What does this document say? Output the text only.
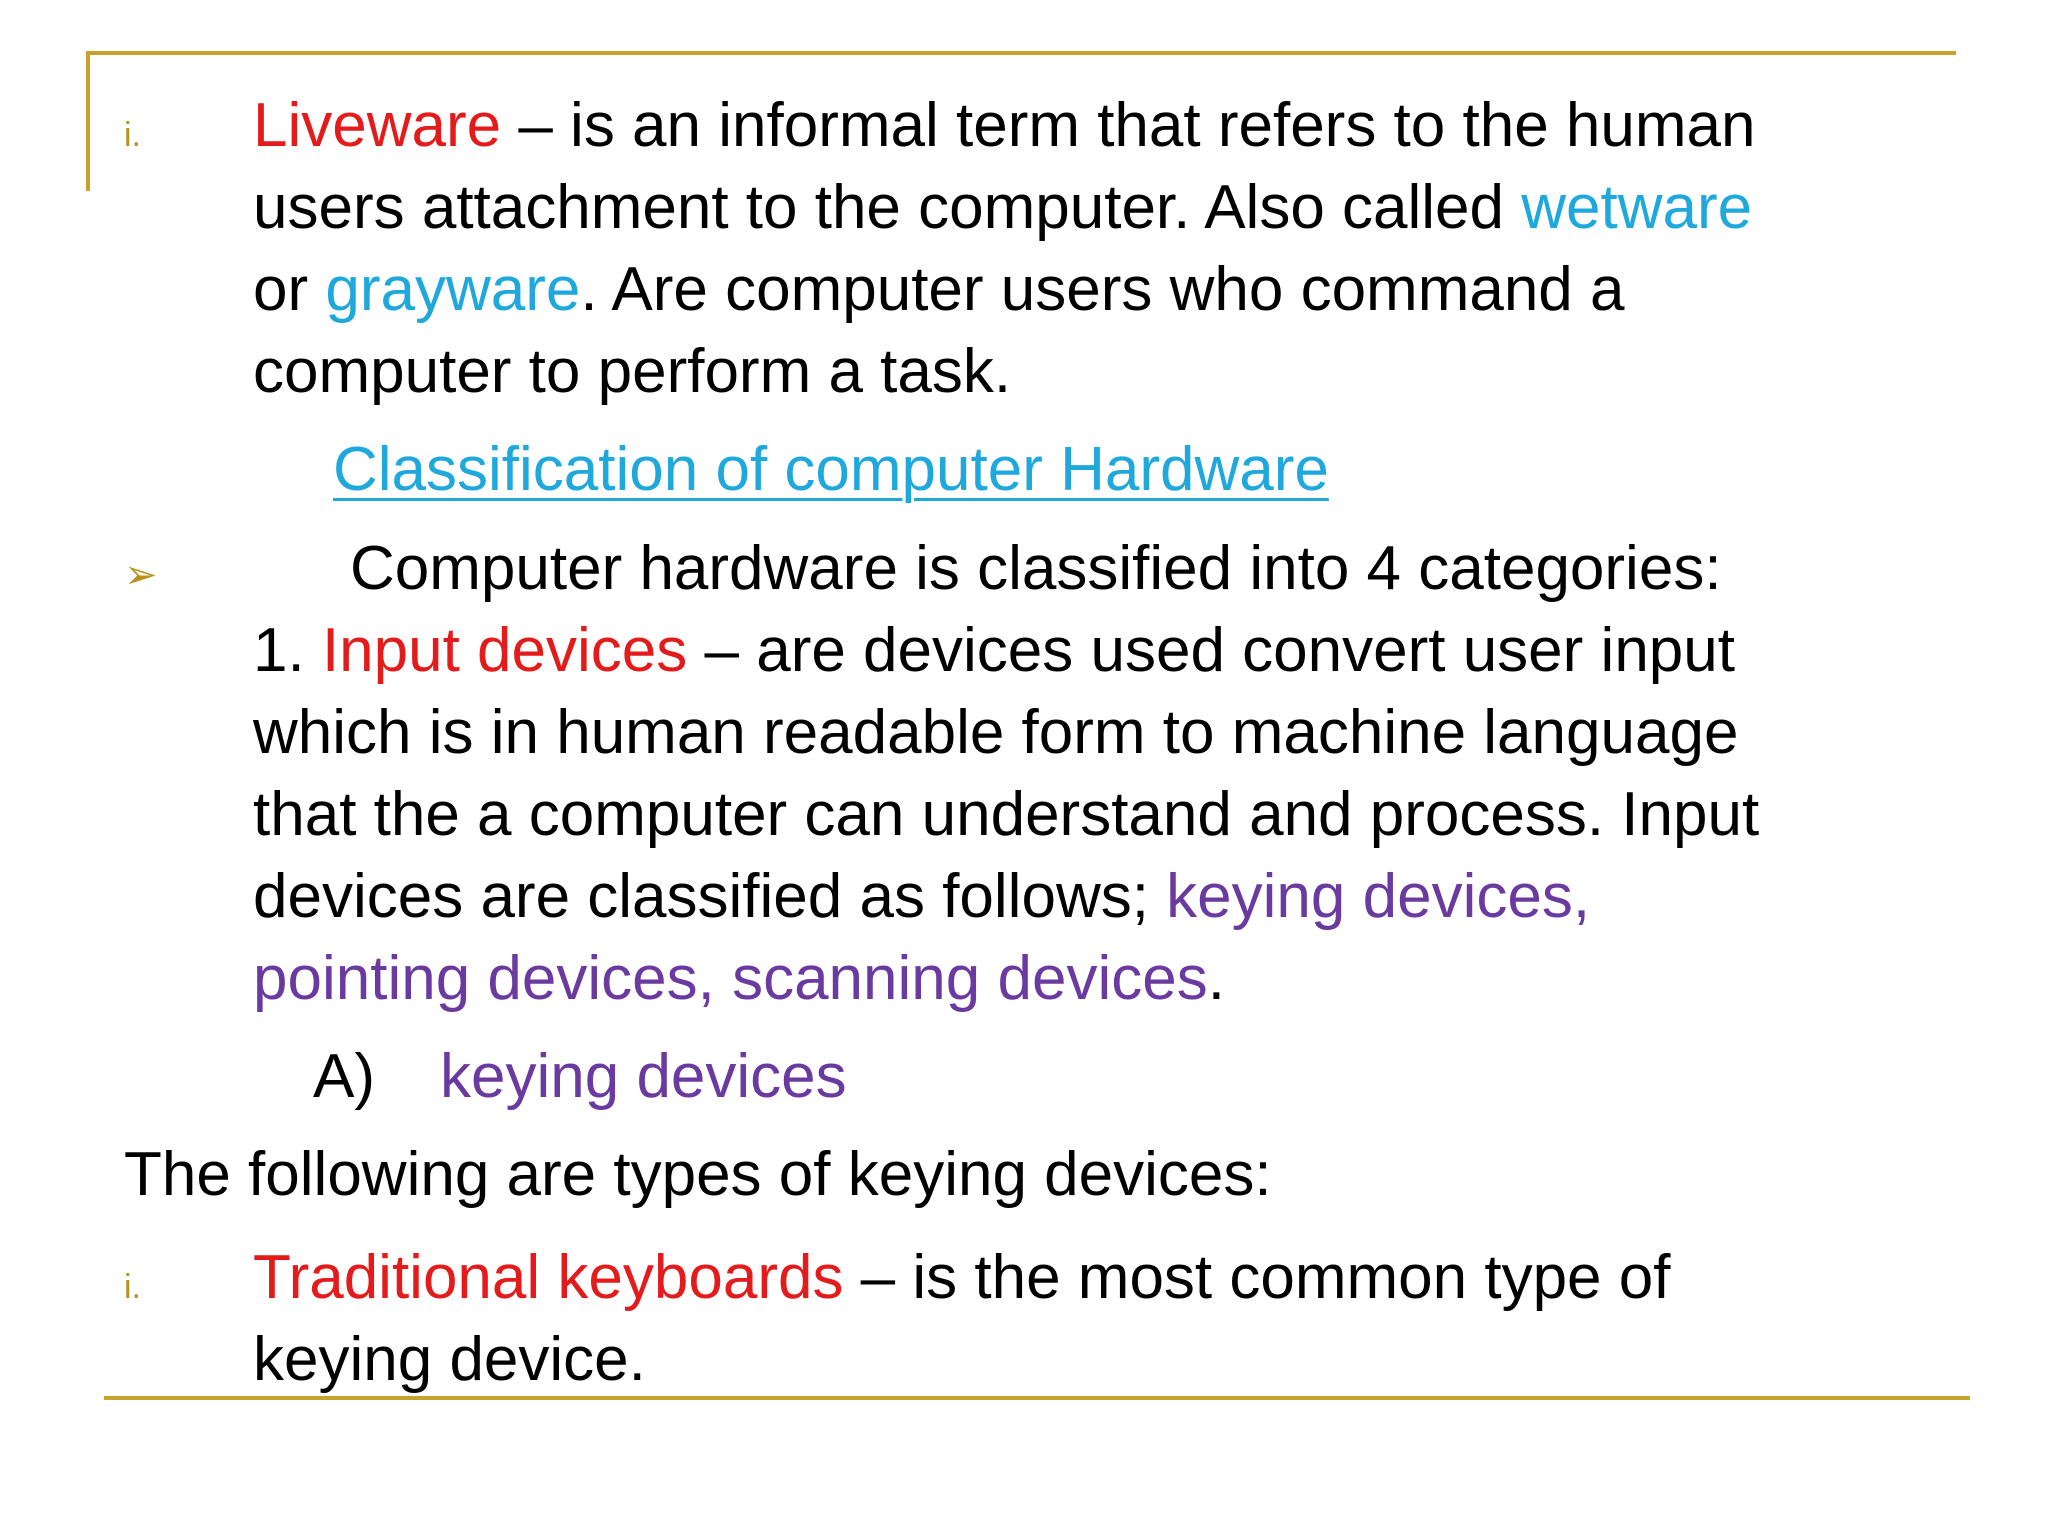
i. Liveware – is an informal term that refers to the human
users attachment to the computer. Also called wetware
or grayware. Are computer users who command a
computer to perform a task.
Classification of computer Hardware
➢	Computer hardware is classified into 4 categories:
1. Input devices – are devices used convert user input
which is in human readable form to machine language
that the a computer can understand and process. Input
devices are classified as follows; keying devices,
pointing devices, scanning devices.
A) keying devices
The following are types of keying devices:
i. Traditional keyboards – is the most common type of
keying device.
